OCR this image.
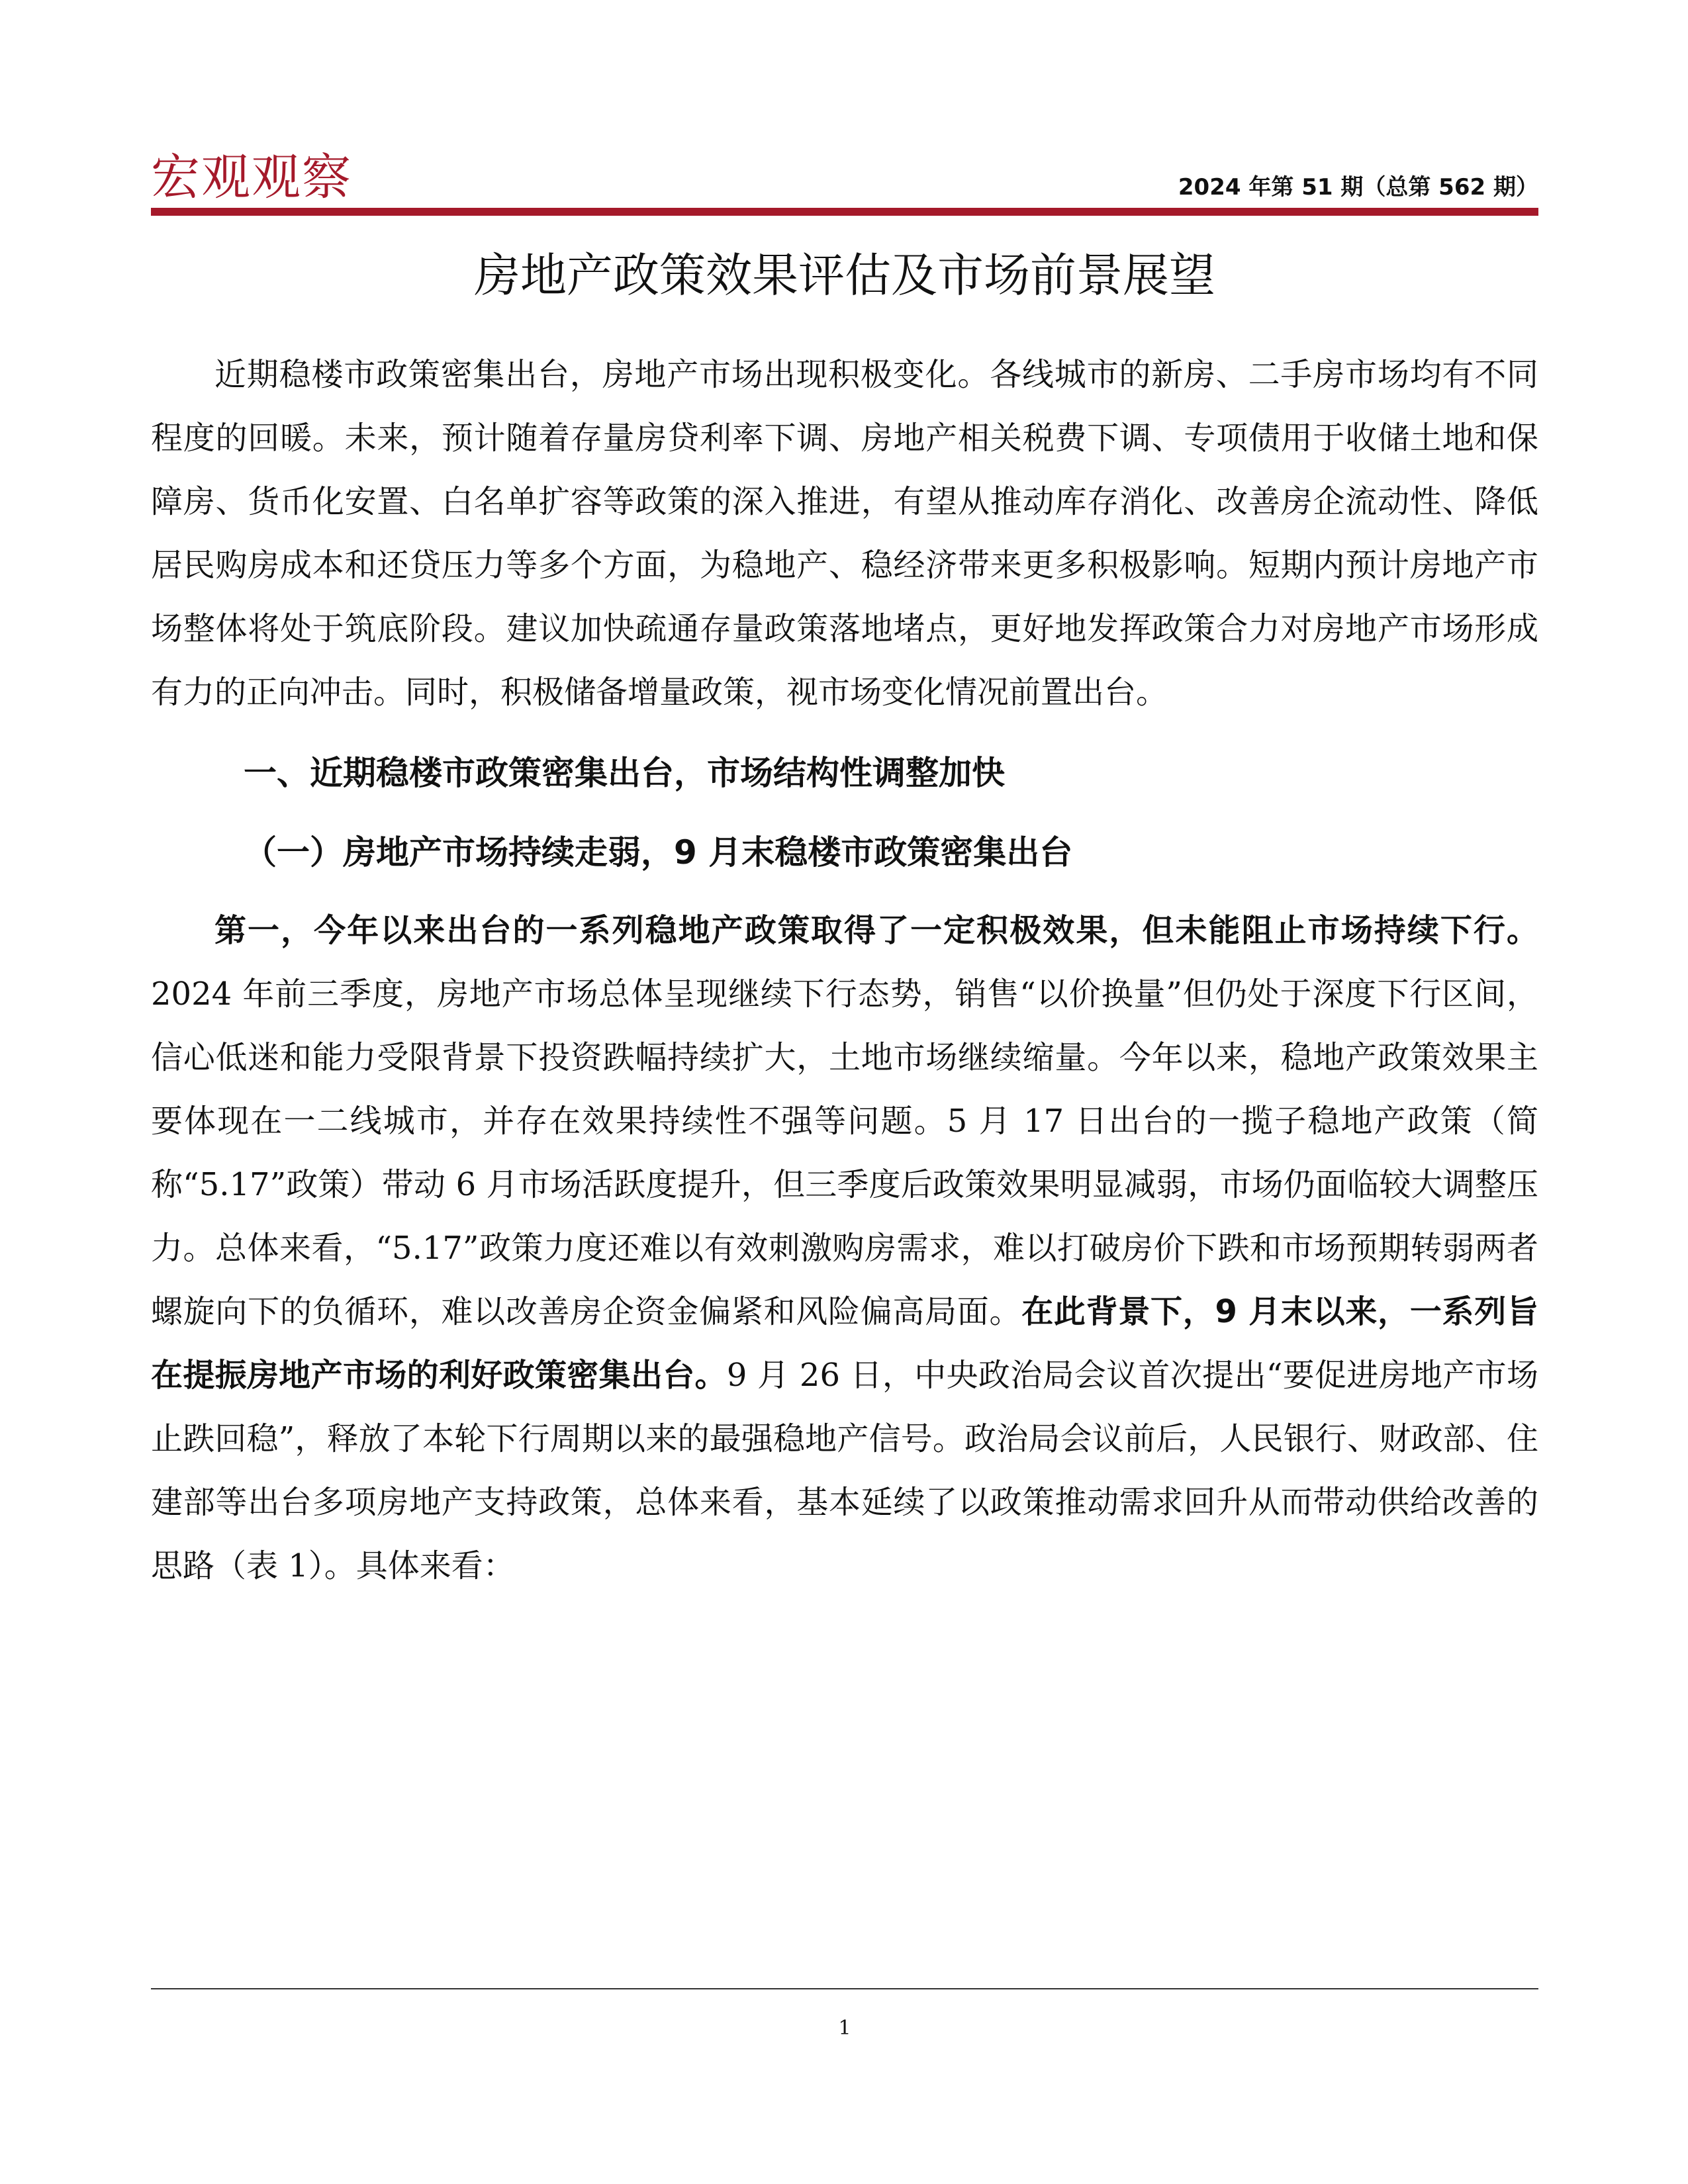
宏观观察	2024 年第 51 期（总第 562 期）
房地产政策效果评估及市场前景展望

近期稳楼市政策密集出台，房地产市场出现积极变化。各线城市的新房、二手房市场均有不同程度的回暖。未来，预计随着存量房贷利率下调、房地产相关税费下调、专项债用于收储土地和保障房、货币化安置、白名单扩容等政策的深入推进，有望从推动库存消化、改善房企流动性、降低居民购房成本和还贷压力等多个方面，为稳地产、稳经济带来更多积极影响。短期内预计房地产市场整体将处于筑底阶段。建议加快疏通存量政策落地堵点，更好地发挥政策合力对房地产市场形成有力的正向冲击。同时，积极储备增量政策，视市场变化情况前置出台。

一、近期稳楼市政策密集出台，市场结构性调整加快
（一）房地产市场持续走弱，9 月末稳楼市政策密集出台

第一，今年以来出台的一系列稳地产政策取得了一定积极效果，但未能阻止市场持续下行。2024 年前三季度，房地产市场总体呈现继续下行态势，销售“以价换量”但仍处于深度下行区间，信心低迷和能力受限背景下投资跌幅持续扩大，土地市场继续缩量。今年以来，稳地产政策效果主要体现在一二线城市，并存在效果持续性不强等问题。5 月 17 日出台的一揽子稳地产政策（简称“5.17”政策）带动 6 月市场活跃度提升，但三季度后政策效果明显减弱，市场仍面临较大调整压力。总体来看，“5.17”政策力度还难以有效刺激购房需求，难以打破房价下跌和市场预期转弱两者螺旋向下的负循环，难以改善房企资金偏紧和风险偏高局面。在此背景下，9 月末以来，一系列旨在提振房地产市场的利好政策密集出台。9 月 26 日，中央政治局会议首次提出“要促进房地产市场止跌回稳”，释放了本轮下行周期以来的最强稳地产信号。政治局会议前后，人民银行、财政部、住建部等出台多项房地产支持政策，总体来看，基本延续了以政策推动需求回升从而带动供给改善的思路（表 1）。具体来看：

1
